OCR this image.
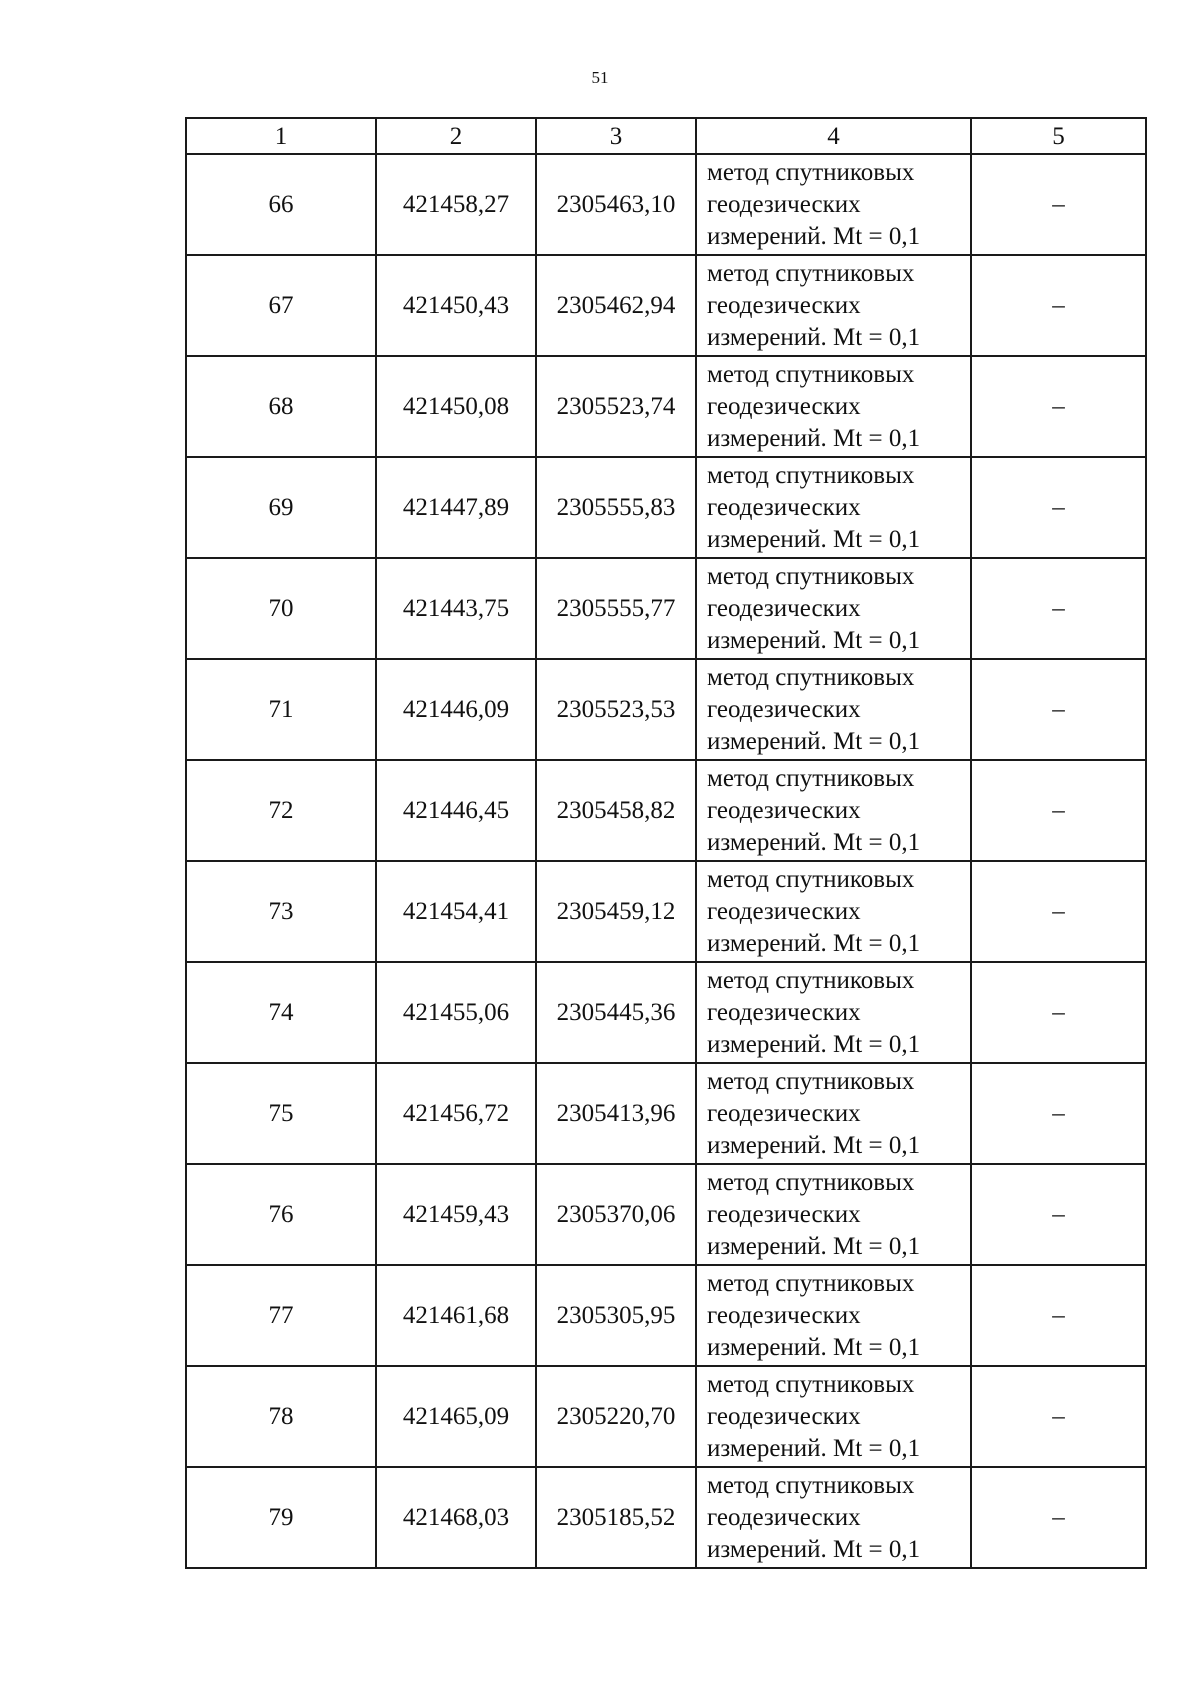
51
1	2	3	4	5
66	421458,27	2305463,10	метод спутниковых
геодезических
измерений. Mt = 0,1	–
67	421450,43	2305462,94	метод спутниковых
геодезических
измерений. Mt = 0,1	–
68	421450,08	2305523,74	метод спутниковых
геодезических
измерений. Mt = 0,1	–
69	421447,89	2305555,83	метод спутниковых
геодезических
измерений. Mt = 0,1	–
70	421443,75	2305555,77	метод спутниковых
геодезических
измерений. Mt = 0,1	–
71	421446,09	2305523,53	метод спутниковых
геодезических
измерений. Mt = 0,1	–
72	421446,45	2305458,82	метод спутниковых
геодезических
измерений. Mt = 0,1	–
73	421454,41	2305459,12	метод спутниковых
геодезических
измерений. Mt = 0,1	–
74	421455,06	2305445,36	метод спутниковых
геодезических
измерений. Mt = 0,1	–
75	421456,72	2305413,96	метод спутниковых
геодезических
измерений. Mt = 0,1	–
76	421459,43	2305370,06	метод спутниковых
геодезических
измерений. Mt = 0,1	–
77	421461,68	2305305,95	метод спутниковых
геодезических
измерений. Mt = 0,1	–
78	421465,09	2305220,70	метод спутниковых
геодезических
измерений. Mt = 0,1	–
79	421468,03	2305185,52	метод спутниковых
геодезических
измерений. Mt = 0,1	–
